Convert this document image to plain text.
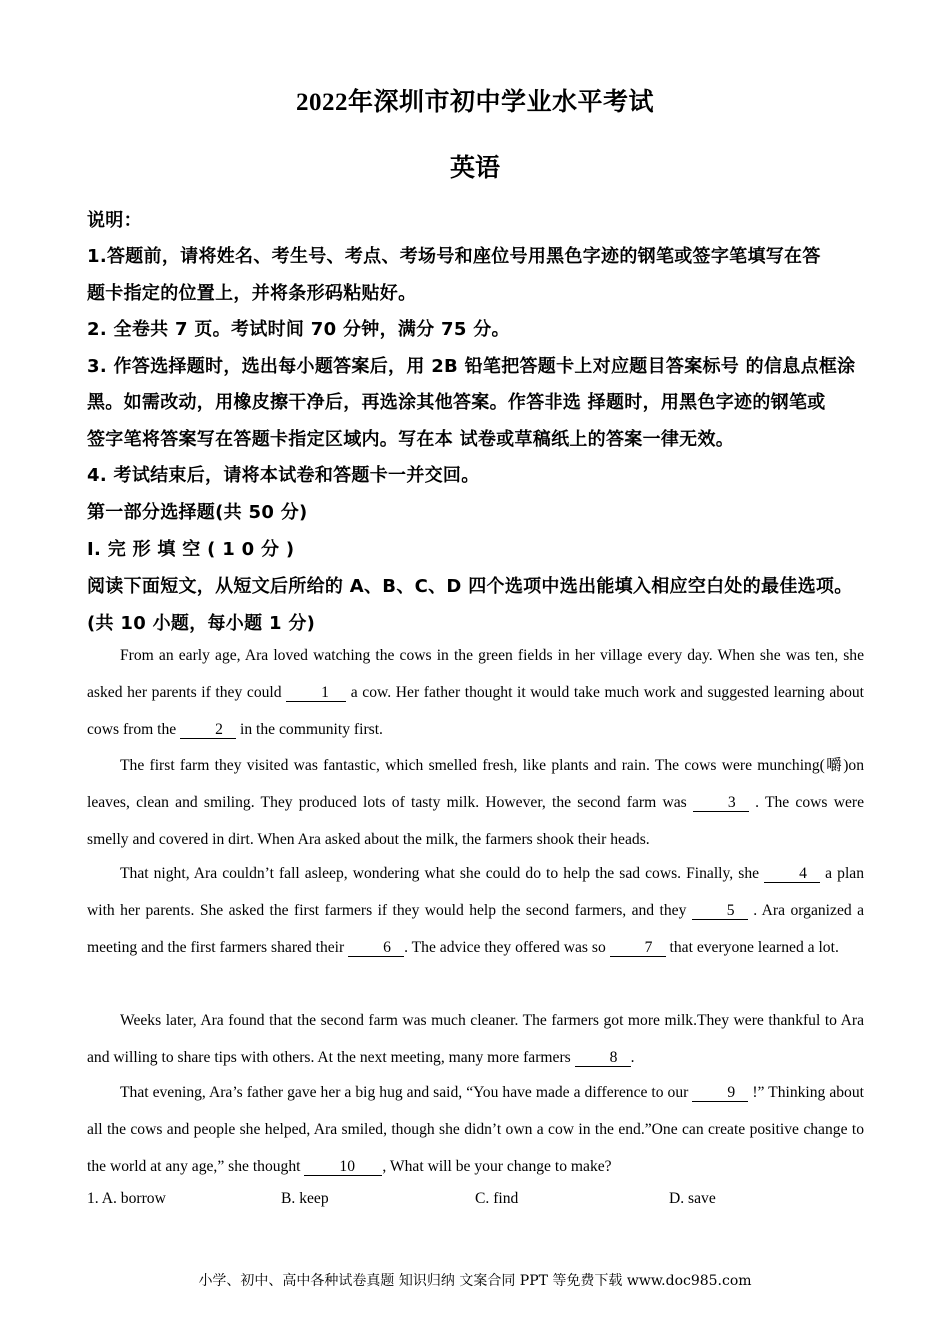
2022年深圳市初中学业水平考试
英语
说明：
1.答题前，请将姓名、考生号、考点、考场号和座位号用黑色字迹的钢笔或签字笔填写在答
题卡指定的位置上，并将条形码粘贴好。
2. 全卷共 7 页。考试时间 70 分钟，满分 75 分。
3. 作答选择题时，选出每小题答案后，用 2B 铅笔把答题卡上对应题目答案标号 的信息点框涂
黑。如需改动，用橡皮擦干净后，再选涂其他答案。作答非选 择题时，用黑色字迹的钢笔或
签字笔将答案写在答题卡指定区域内。写在本 试卷或草稿纸上的答案一律无效。
4. 考试结束后，请将本试卷和答题卡一并交回。
第一部分选择题(共 50 分)
I. 完 形 填 空 ( 1 0 分 )
阅读下面短文，从短文后所给的 A、B、C、D 四个选项中选出能填入相应空白处的最佳选项。
(共 10 小题，每小题 1 分)

From an early age, Ara loved watching the cows in the green fields in her village every day. When she was ten, she asked her parents if they could 1 a cow. Her father thought it would take much work and suggested learning about cows from the 2 in the community first.

The first farm they visited was fantastic, which smelled fresh, like plants and rain. The cows were munching(嚼)on leaves, clean and smiling. They produced lots of tasty milk. However, the second farm was 3 . The cows were smelly and covered in dirt. When Ara asked about the milk, the farmers shook their heads.

That night, Ara couldn’t fall asleep, wondering what she could do to help the sad cows. Finally, she 4 a plan with her parents. She asked the first farmers if they would help the second farmers, and they 5 . Ara organized a meeting and the first farmers shared their 6 . The advice they offered was so 7 that everyone learned a lot.

Weeks later, Ara found that the second farm was much cleaner. The farmers got more milk.They were thankful to Ara and willing to share tips with others. At the next meeting, many more farmers 8 .

That evening, Ara’s father gave her a big hug and said, “You have made a difference to our 9 !” Thinking about all the cows and people she helped, Ara smiled, though she didn’t own a cow in the end.”One can create positive change to the world at any age,” she thought 10 , What will be your change to make?

1. A. borrow	B. keep	C. find	D. save
小学、初中、高中各种试卷真题 知识归纳 文案合同 PPT 等免费下载 www.doc985.com
